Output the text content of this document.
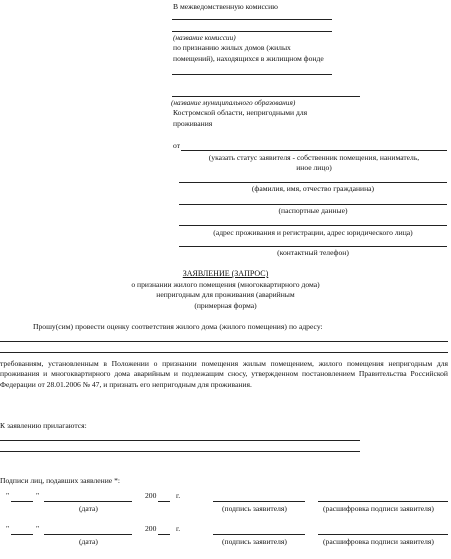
В межведомственную комиссию
(название комиссии)
по признанию жилых домов (жилых
помещений), находящихся в жилищном фонде
(название муниципального образования)
Костромской области, непригодными для
проживания
от
(указать статус заявителя - собственник помещения, наниматель,
иное лицо)
(фамилия, имя, отчество гражданина)
(паспортные данные)
(адрес проживания и регистрации, адрес юридического лица)
(контактный телефон)
ЗАЯВЛЕНИЕ (ЗАПРОС)
о признании жилого помещения (многоквартирного дома)
непригодным для проживания (аварийным
(примерная форма)
Прошу(сим) провести оценку соответствия жилого дома (жилого помещения) по адресу:
требованиям, установленным в Положении о признании помещения жилым помещением, жилого помещения непригодным для проживания и многоквартирного дома аварийным и подлежащим сносу, утвержденном постановлением Правительства Российской Федерации от 28.01.2006 № 47, и признать его непригодным для проживания.
К заявлению прилагаются:
Подписи лиц, подавших заявление *:
"	"	200	г.
(дата)	(подпись заявителя)	(расшифровка подписи заявителя)
"	"	200	г.
(дата)	(подпись заявителя)	(расшифровка подписи заявителя)
